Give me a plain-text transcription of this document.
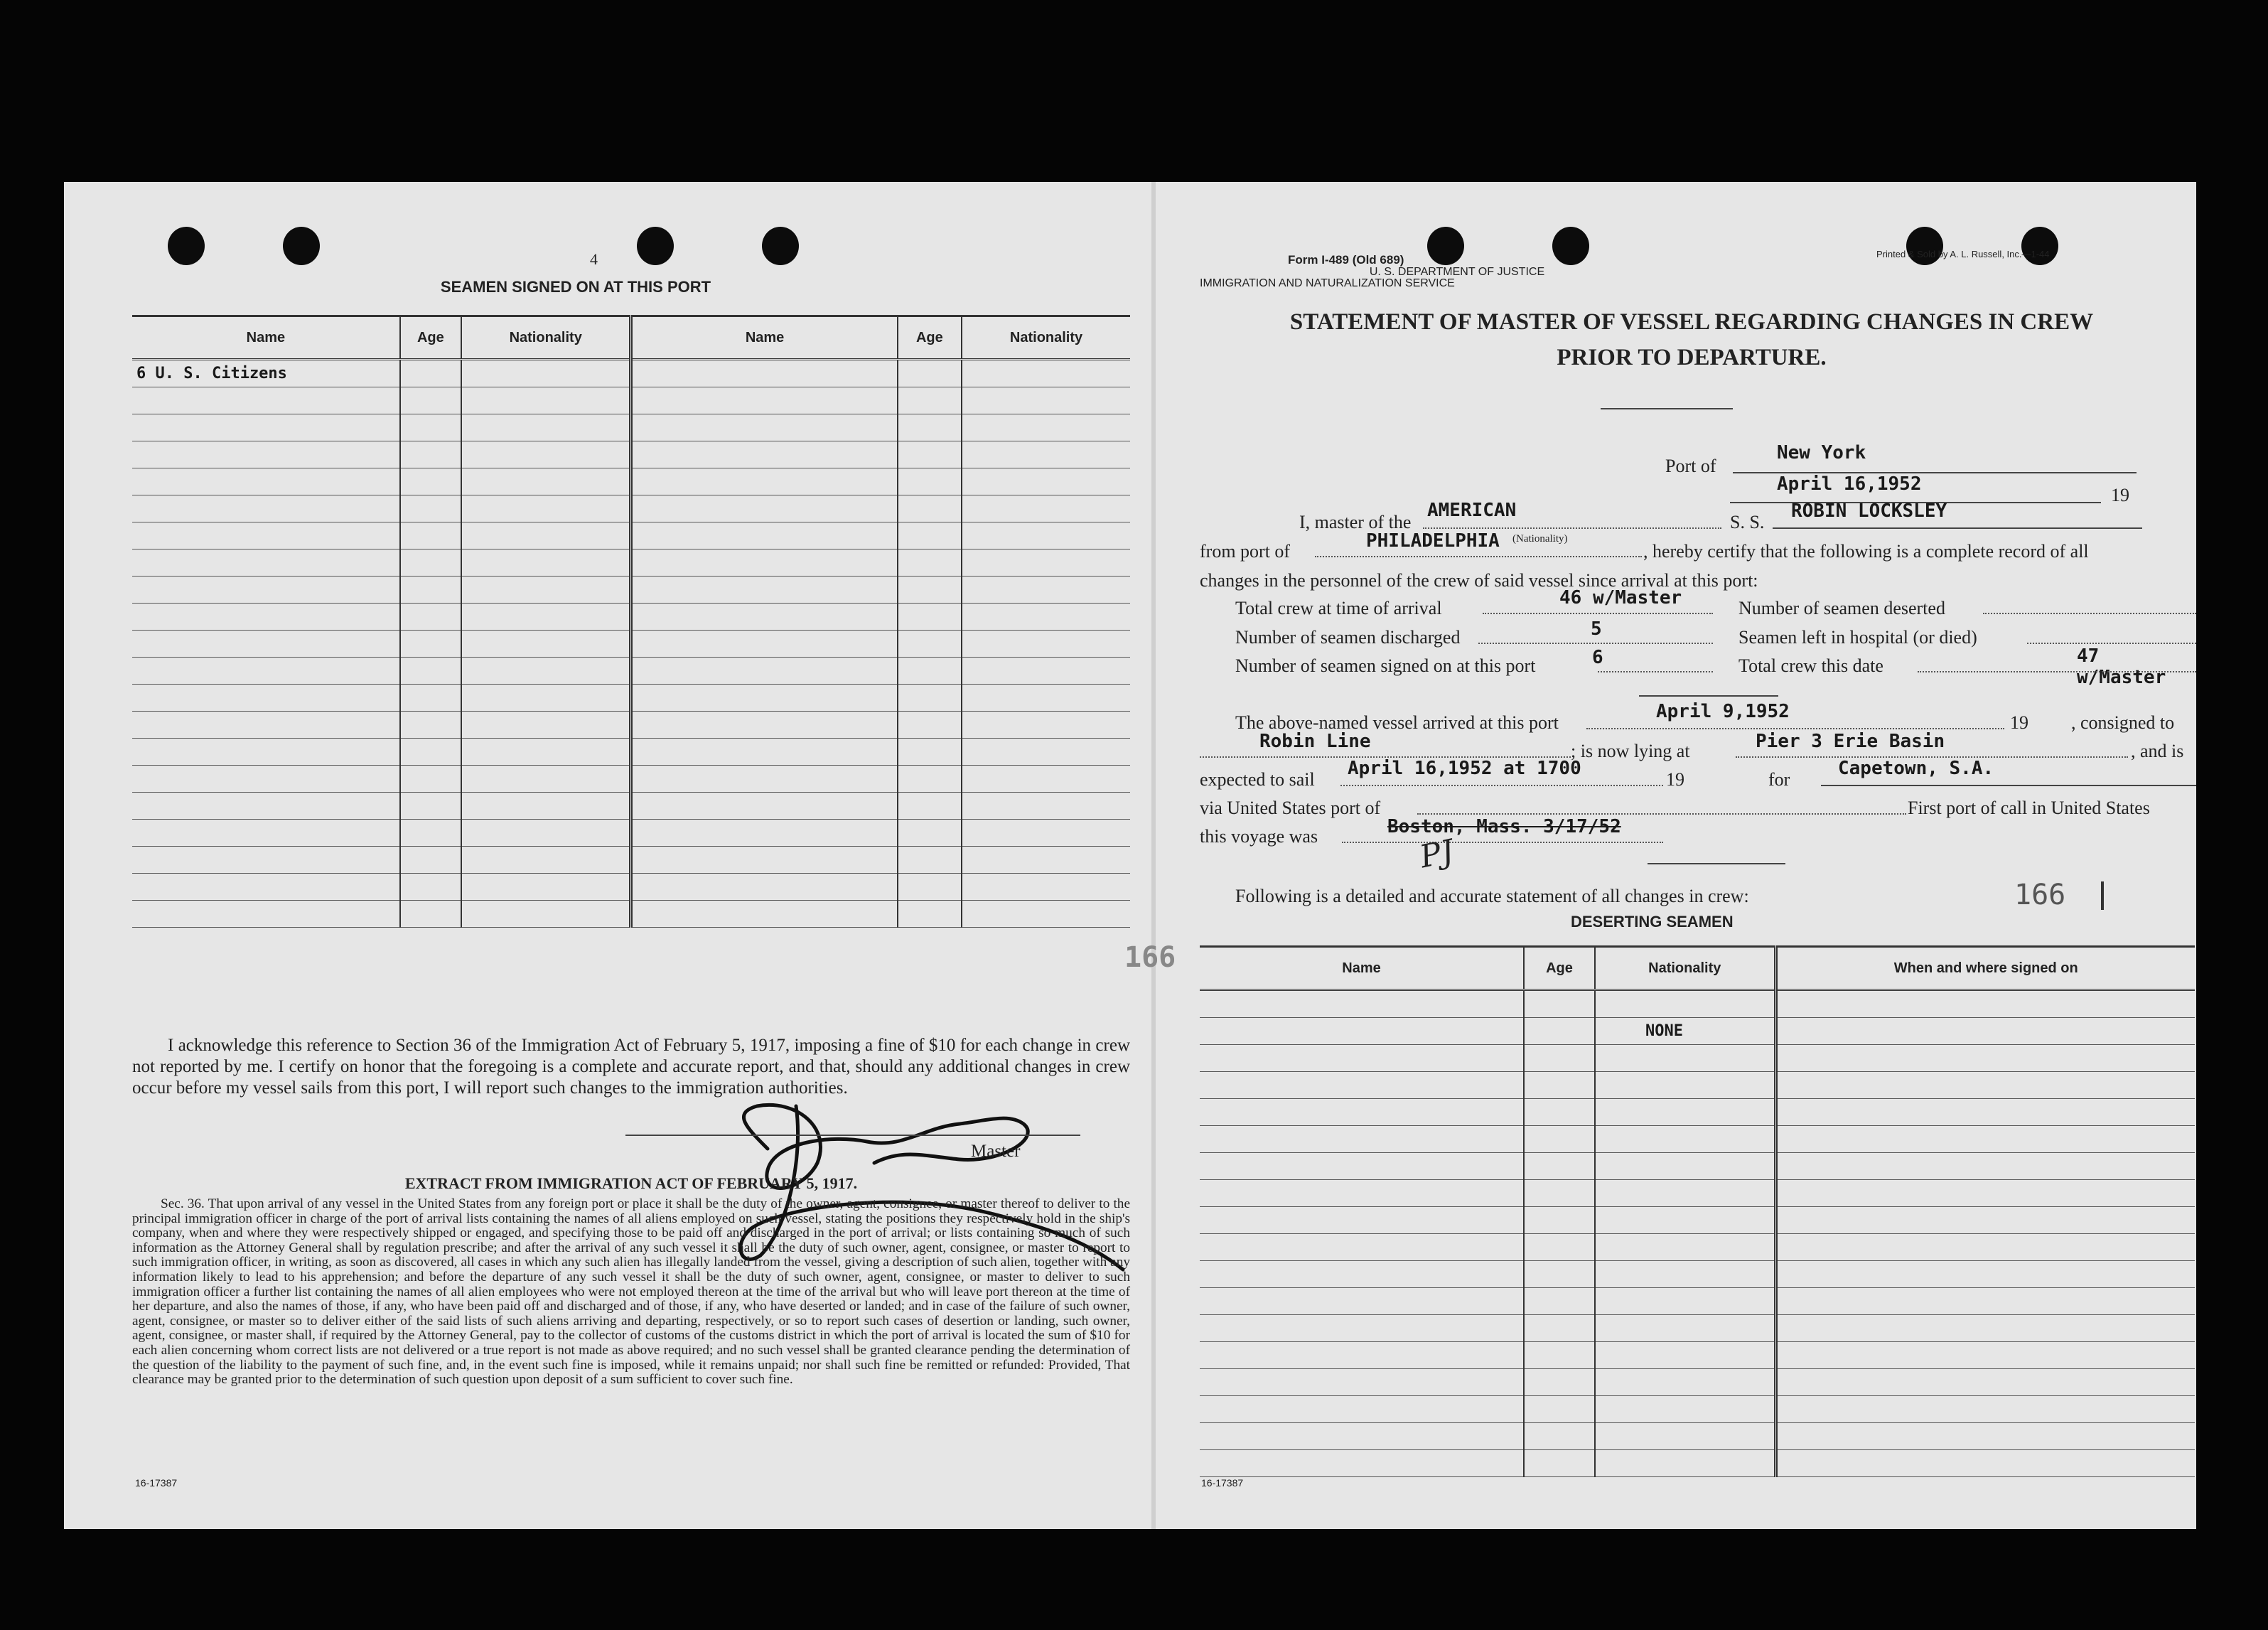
4
SEAMEN SIGNED ON AT THIS PORT
Name	Age	Nationality	Name	Age	Nationality
6 U. S. Citizens					

I acknowledge this reference to Section 36 of the Immigration Act of February 5, 1917, imposing a fine of $10 for each change in crew not reported by me. I certify on honor that the foregoing is a complete and accurate report, and that, should any additional changes in crew occur before my vessel sails from this port, I will report such changes to the immigration authorities.
Master
EXTRACT FROM IMMIGRATION ACT OF FEBRUARY 5, 1917.
Sec. 36. That upon arrival of any vessel in the United States from any foreign port or place it shall be the duty of the owner, agent, consignee, or master thereof to deliver to the principal immigration officer in charge of the port of arrival lists containing the names of all aliens employed on such vessel, stating the positions they respectively hold in the ship's company, when and where they were respectively shipped or engaged, and specifying those to be paid off and discharged in the port of arrival; or lists containing so much of such information as the Attorney General shall by regulation prescribe; and after the arrival of any such vessel it shall be the duty of such owner, agent, consignee, or master to report to such immigration officer, in writing, as soon as discovered, all cases in which any such alien has illegally landed from the vessel, giving a description of such alien, together with any information likely to lead to his apprehension; and before the departure of any such vessel it shall be the duty of such owner, agent, consignee, or master to deliver to such immigration officer a further list containing the names of all alien employees who were not employed thereon at the time of the arrival but who will leave port thereon at the time of her departure, and also the names of those, if any, who have been paid off and discharged and of those, if any, who have deserted or landed; and in case of the failure of such owner, agent, consignee, or master so to deliver either of the said lists of such aliens arriving and departing, respectively, or so to report such cases of desertion or landing, such owner, agent, consignee, or master shall, if required by the Attorney General, pay to the collector of customs of the customs district in which the port of arrival is located the sum of $10 for each alien concerning whom correct lists are not delivered or a true report is not made as above required; and no such vessel shall be granted clearance pending the determination of the question of the liability to the payment of such fine, and, in the event such fine is imposed, while it remains unpaid; nor shall such fine be remitted or refunded: Provided, That clearance may be granted prior to the determination of such question upon deposit of a sum sufficient to cover such fine.
16-17387
Form I-489 (Old 689)
U. S. DEPARTMENT OF JUSTICE
IMMIGRATION AND NATURALIZATION SERVICE
Printed & Sold by A. L. Russell, Inc.—1-44
STATEMENT OF MASTER OF VESSEL REGARDING CHANGES IN CREW
PRIOR TO DEPARTURE.
Port of
New York
April 16,1952
19
I, master of the
AMERICAN
S. S.
ROBIN LOCKSLEY
from port of	PHILADELPHIA (Nationality)
, hereby certify that the following is a complete record of all
changes in the personnel of the crew of said vessel since arrival at this port:
Total crew at time of arrival	46 w/Master
Number of seamen discharged	5
Number of seamen signed on at this port	6
Number of seamen deserted
Seamen left in hospital (or died)
Total crew this date	47 w/Master
The above-named vessel arrived at this port
April 9,1952
19 , consigned to
Robin Line	; is now lying at	Pier 3 Erie Basin	, and is
expected to sail
April 16,1952 at 1700
19	for
Capetown, S.A.
via United States port of	First port of call in United States
this voyage was	Boston, Mass. 3/17/52
PJ
Following is a detailed and accurate statement of all changes in crew:	166
DESERTING SEAMEN
166	Name	Age	Nationality	When and where signed on

		NONE	

16-17387
